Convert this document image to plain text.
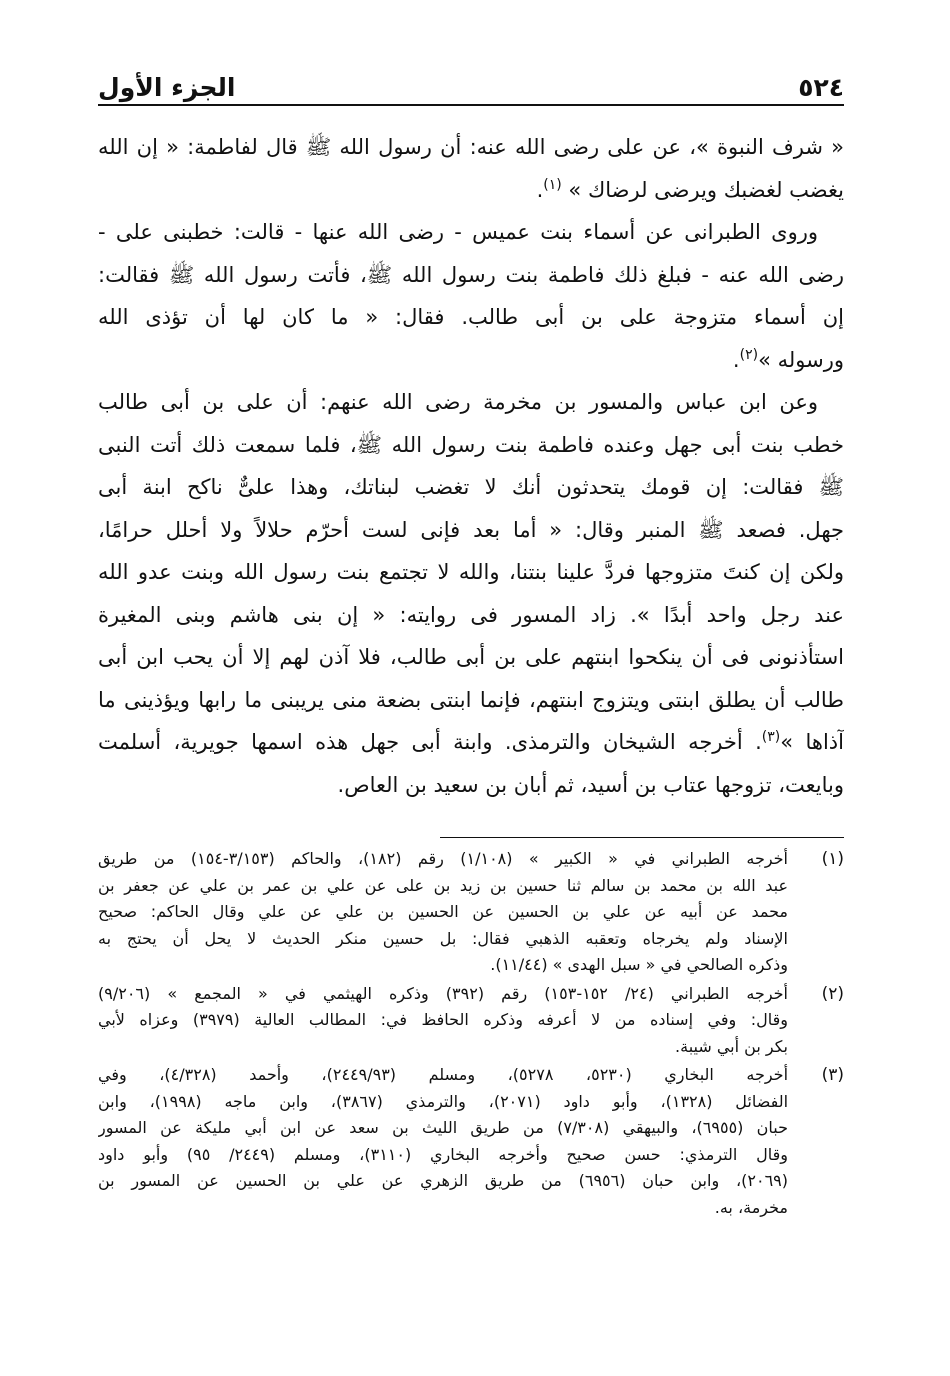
٥٢٤
الجزء الأول
« شرف النبوة »، عن على رضى الله عنه: أن رسول الله ﷺ قال لفاطمة: « إن الله
يغضب لغضبك ويرضى لرضاك » $^{(١)}$.
وروى الطبرانى عن أسماء بنت عميس - رضى الله عنها - قالت: خطبنى على -
رضى الله عنه - فبلغ ذلك فاطمة بنت رسول الله ﷺ، فأتت رسول الله ﷺ فقالت:
إن أسماء متزوجة على بن أبى طالب. فقال: « ما كان لها أن تؤذى الله
ورسوله »$^{(٢)}$.
وعن ابن عباس والمسور بن مخرمة رضى الله عنهم: أن على بن أبى طالب
خطب بنت أبى جهل وعنده فاطمة بنت رسول الله ﷺ، فلما سمعت ذلك أتت النبى
ﷺ فقالت: إن قومك يتحدثون أنك لا تغضب لبناتك، وهذا علىٌّ ناكح ابنة أبى
جهل. فصعد ﷺ المنبر وقال: « أما بعد فإنى لست أحرّم حلالاً ولا أحلل حرامًا،
ولكن إن كنتَ متزوجها فردَّ علينا بنتنا، والله لا تجتمع بنت رسول الله وبنت عدو الله
عند رجل واحد أبدًا ». زاد المسور فى روايته: « إن بنى هاشم وبنى المغيرة
استأذنونى فى أن ينكحوا ابنتهم على بن أبى طالب، فلا آذن لهم إلا أن يحب ابن أبى
طالب أن يطلق ابنتى ويتزوج ابنتهم، فإنما ابنتى بضعة منى يريبنى ما رابها ويؤذينى ما
آذاها »$^{(٣)}$. أخرجه الشيخان والترمذى. وابنة أبى جهل هذه اسمها جويرية، أسلمت
وبايعت، تزوجها عتاب بن أسيد، ثم أبان بن سعيد بن العاص.
(١)
أخرجه الطبراني في « الكبير » (١/١٠٨) رقم (١٨٢)، والحاكم (٣/١٥٣-١٥٤) من طريق
عبد الله بن محمد بن سالم ثنا حسين بن زيد بن على عن علي بن عمر بن علي عن جعفر بن
محمد عن أبيه عن علي بن الحسين عن الحسين بن علي عن علي وقال الحاكم: صحيح
الإسناد ولم يخرجاه وتعقبه الذهبي فقال: بل حسين منكر الحديث لا يحل أن يحتج به
وذكره الصالحي في « سبل الهدى » (١١/٤٤).
(٢)
أخرجه الطبراني (٢٤/ ١٥٢-١٥٣) رقم (٣٩٢) وذكره الهيثمي في « المجمع » (٩/٢٠٦)
وقال: وفي إسناده من لا أعرفه وذكره الحافظ في: المطالب العالية (٣٩٧٩) وعزاه لأبي
بكر بن أبي شيبة.
(٣)
أخرجه البخاري (٥٢٣٠، ٥٢٧٨)، ومسلم (٢٤٤٩/٩٣)، وأحمد (٤/٣٢٨)، وفي
الفضائل (١٣٢٨)، وأبو داود (٢٠٧١)، والترمذي (٣٨٦٧)، وابن ماجه (١٩٩٨)، وابن
حبان (٦٩٥٥)، والبيهقي (٧/٣٠٨) من طريق الليث بن سعد عن ابن أبي مليكة عن المسور
وقال الترمذي: حسن صحيح وأخرجه البخاري (٣١١٠)، ومسلم (٢٤٤٩/ ٩٥) وأبو داود
(٢٠٦٩)، وابن حبان (٦٩٥٦) من طريق الزهري عن علي بن الحسين عن المسور بن
مخرمة، به.
